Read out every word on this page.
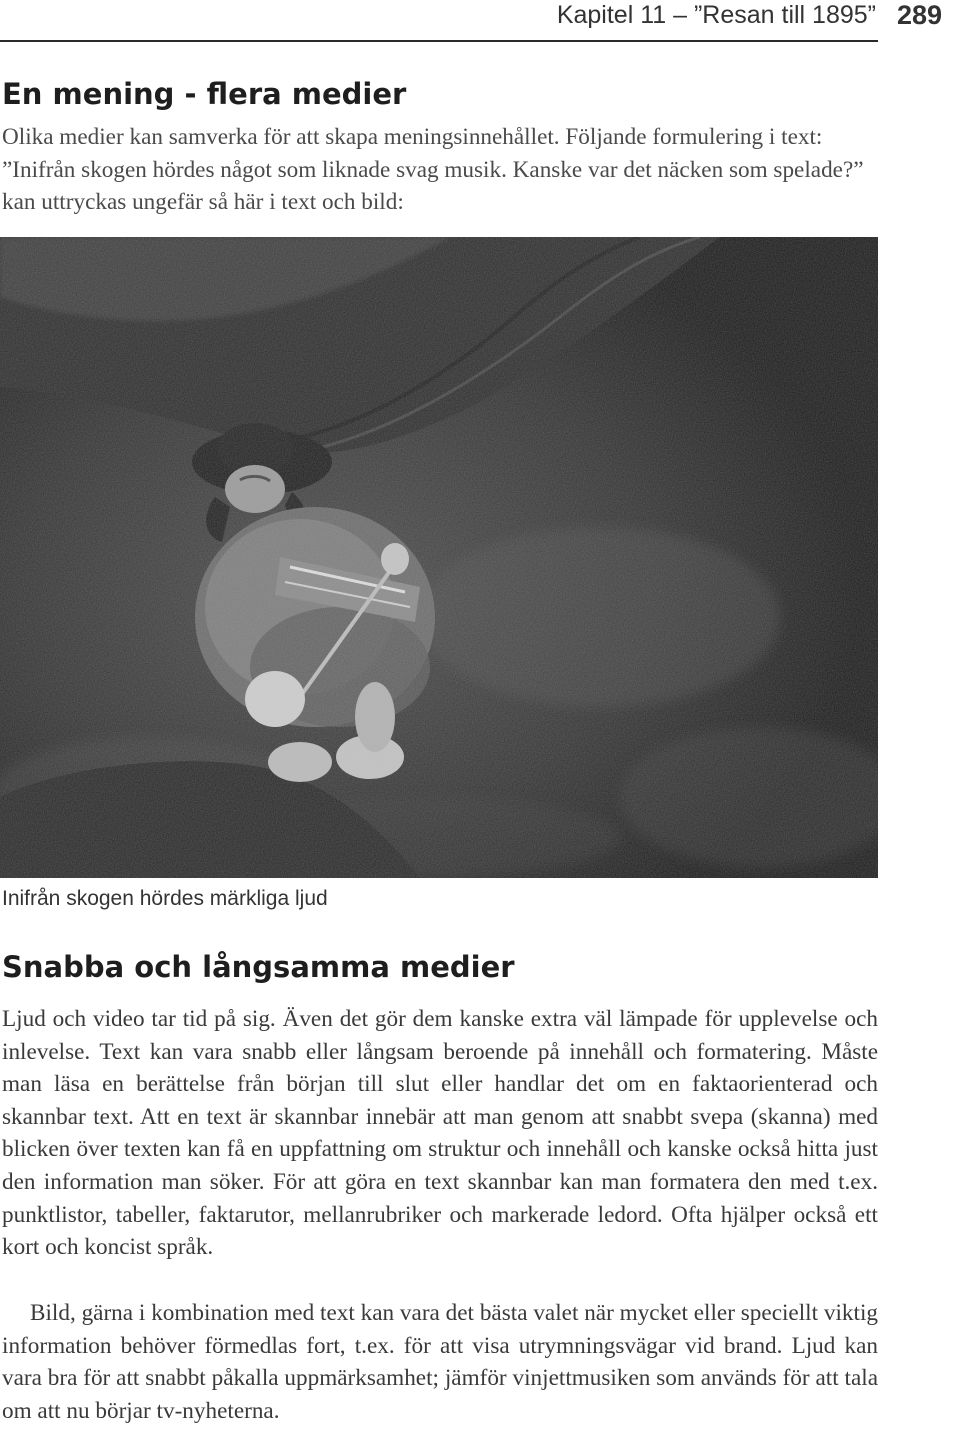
Kapitel 11 – ”Resan till 1895” 289
En mening - flera medier

Olika medier kan samverka för att skapa meningsinnehållet. Följande formulering i text: ”Inifrån skogen hördes något som liknade svag musik. Kanske var det näcken som spelade?” kan uttryckas ungefär så här i text och bild:

Inifrån skogen hördes märkliga ljud
Snabba och långsamma medier

Ljud och video tar tid på sig. Även det gör dem kanske extra väl lämpade för upplevelse och inlevelse. Text kan vara snabb eller långsam beroende på innehåll och formatering. Måste man läsa en berättelse från början till slut eller handlar det om en faktaorienterad och skannbar text. Att en text är skannbar innebär att man genom att snabbt svepa (skanna) med blicken över texten kan få en uppfattning om struktur och innehåll och kanske också hitta just den information man söker. För att göra en text skannbar kan man formatera den med t.ex. punktlistor, tabeller, faktarutor, mellanrubriker och markerade ledord. Ofta hjälper också ett kort och koncist språk.

Bild, gärna i kombination med text kan vara det bästa valet när mycket eller speciellt viktig information behöver förmedlas fort, t.ex. för att visa utrymningsvägar vid brand. Ljud kan vara bra för att snabbt påkalla uppmärksamhet; jämför vinjettmusiken som används för att tala om att nu börjar tv-nyheterna.
